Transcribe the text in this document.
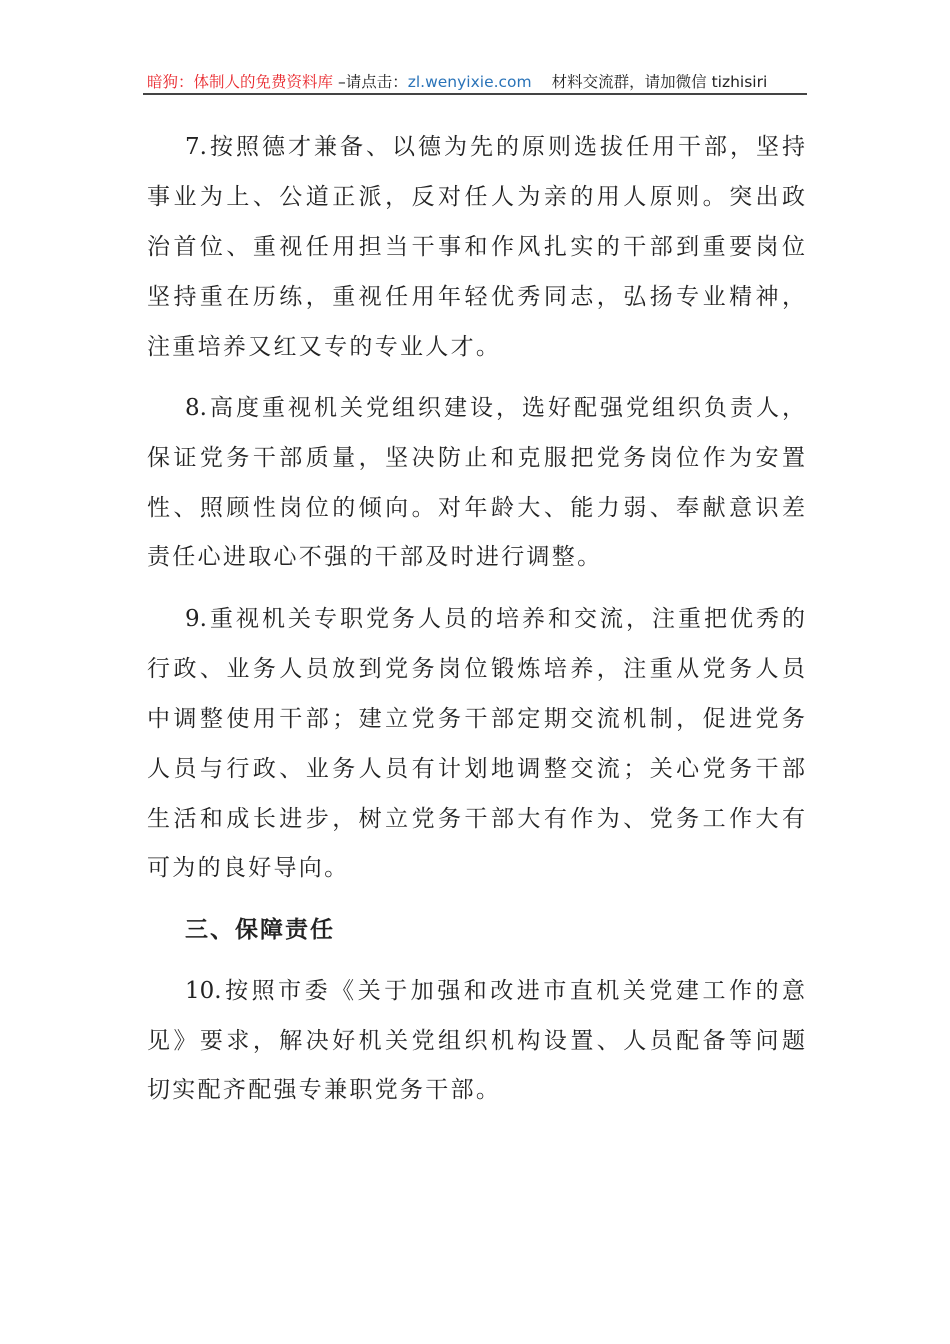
暗狗：体制人的免费资料库 –请点击：zl.wenyixie.com 材料交流群，请加微信 tizhisiri
7.按照德才兼备、以德为先的原则选拔任用干部，坚持
事业为上、公道正派，反对任人为亲的用人原则。突出政
治首位、重视任用担当干事和作风扎实的干部到重要岗位
坚持重在历练，重视任用年轻优秀同志，弘扬专业精神，
注重培养又红又专的专业人才。
8.高度重视机关党组织建设，选好配强党组织负责人，
保证党务干部质量，坚决防止和克服把党务岗位作为安置
性、照顾性岗位的倾向。对年龄大、能力弱、奉献意识差
责任心进取心不强的干部及时进行调整。
9.重视机关专职党务人员的培养和交流，注重把优秀的
行政、业务人员放到党务岗位锻炼培养，注重从党务人员
中调整使用干部；建立党务干部定期交流机制，促进党务
人员与行政、业务人员有计划地调整交流；关心党务干部
生活和成长进步，树立党务干部大有作为、党务工作大有
可为的良好导向。
三、保障责任
10.按照市委《关于加强和改进市直机关党建工作的意
见》要求，解决好机关党组织机构设置、人员配备等问题
切实配齐配强专兼职党务干部。
